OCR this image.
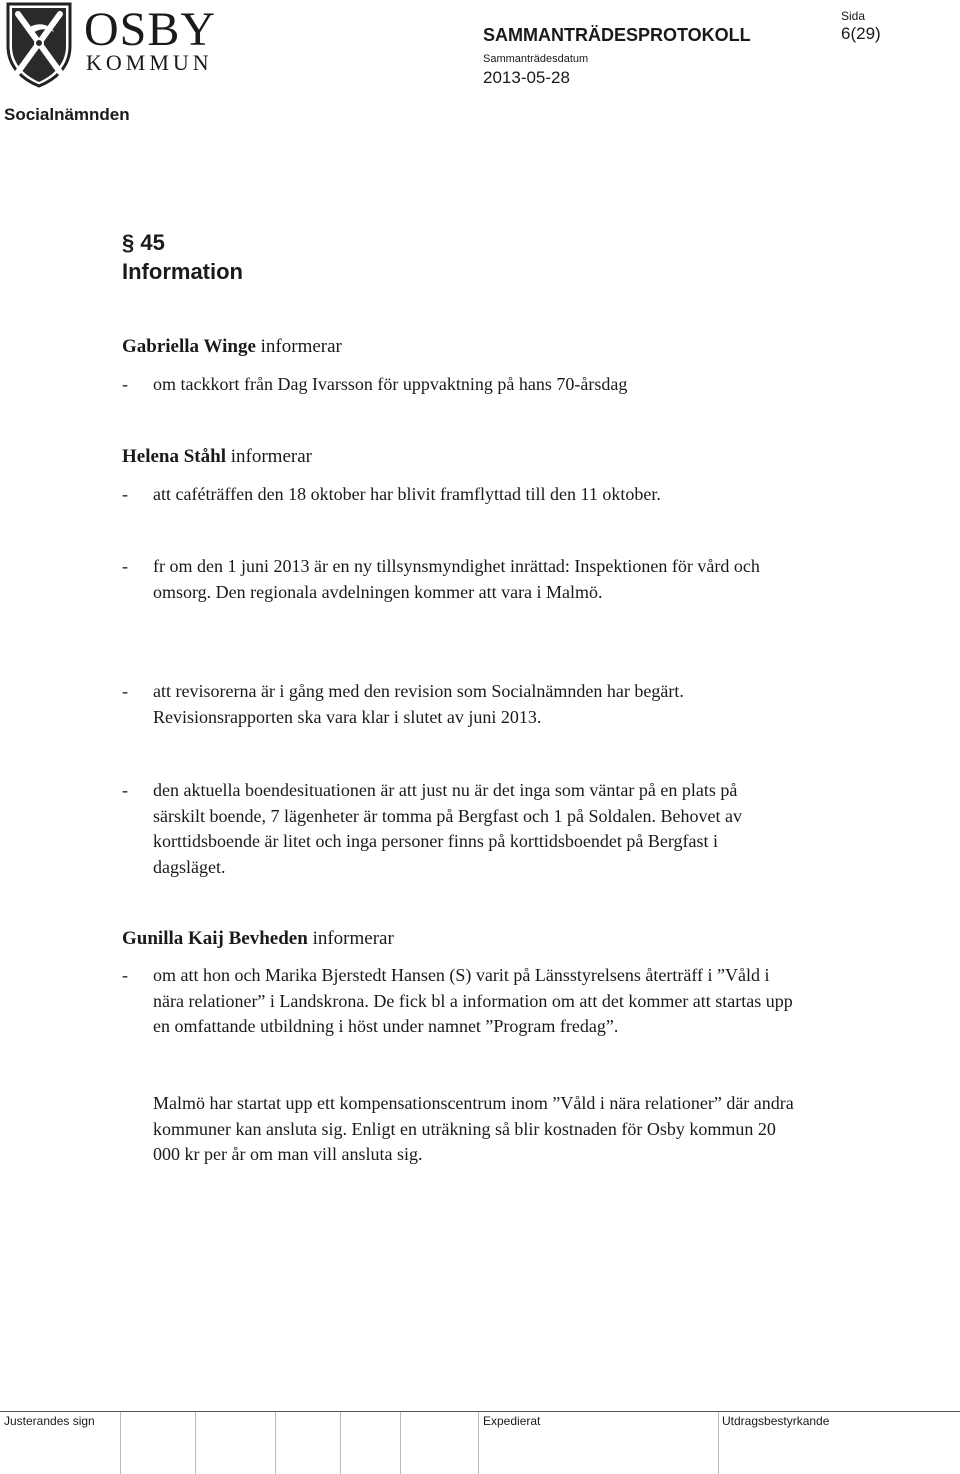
OSBY
KOMMUN
SAMMANTRÄDESPROTOKOLL
Sammanträdesdatum
2013-05-28
Sida
6(29)
Socialnämnden
§ 45
Information
Gabriella Winge informerar
- om tackkort från Dag Ivarsson för uppvaktning på hans 70-årsdag
Helena Ståhl informerar
- att caféträffen den 18 oktober har blivit framflyttad till den 11 oktober.
- fr om den 1 juni 2013 är en ny tillsynsmyndighet inrättad: Inspektionen för vård och omsorg. Den regionala avdelningen kommer att vara i Malmö.
- att revisorerna är i gång med den revision som Socialnämnden har begärt. Revisionsrapporten ska vara klar i slutet av juni 2013.
- den aktuella boendesituationen är att just nu är det inga som väntar på en plats på särskilt boende, 7 lägenheter är tomma på Bergfast och 1 på Soldalen. Behovet av korttidsboende är litet och inga personer finns på korttidsboendet på Bergfast i dagsläget.
Gunilla Kaij Bevheden informerar
- om att hon och Marika Bjerstedt Hansen (S) varit på Länsstyrelsens återträff i ”Våld i nära relationer” i Landskrona. De fick bl a information om att det kommer att startas upp en omfattande utbildning i höst under namnet ”Program fredag”.
Malmö har startat upp ett kompensationscentrum inom ”Våld i nära relationer” där andra kommuner kan ansluta sig. Enligt en uträkning så blir kostnaden för Osby kommun 20 000 kr per år om man vill ansluta sig.
Justerandes sign	Expedierat	Utdragsbestyrkande
